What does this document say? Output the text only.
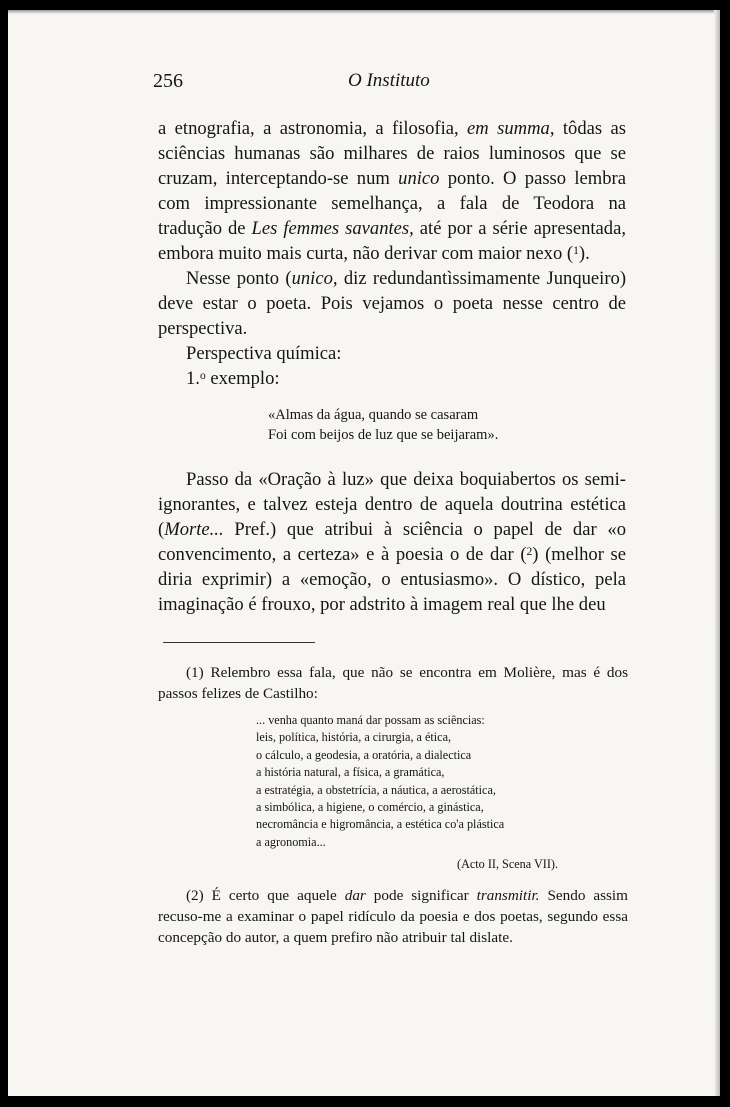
256	O Instituto

a etnografia, a astronomia, a filosofia, em summa, tôdas as sciências humanas são milhares de raios luminosos que se cruzam, interceptando-se num unico ponto. O passo lembra com impressionante semelhança, a fala de Teodora na tradução de Les femmes savantes, até por a série apresentada, embora muito mais curta, não derivar com maior nexo ($^1$).

Nesse ponto (unico, diz redundantìssimamente Junqueiro) deve estar o poeta. Pois vejamos o poeta nesse centro de perspectiva.

Perspectiva química:

1.$^o$ exemplo:

«Almas da água, quando se casaram
Foi com beijos de luz que se beijaram».

Passo da «Oração à luz» que deixa boquiabertos os semi-ignorantes, e talvez esteja dentro de aquela doutrina estética (Morte... Pref.) que atribui à sciência o papel de dar «o convencimento, a certeza» e à poesia o de dar ($^2$) (melhor se diria exprimir) a «emoção, o entusiasmo». O dístico, pela imaginação é frouxo, por adstrito à imagem real que lhe deu

(1) Relembro essa fala, que não se encontra em Molière, mas é dos passos felizes de Castilho:

... venha quanto maná dar possam as sciências:
leis, política, história, a cirurgia, a ética,
o cálculo, a geodesia, a oratória, a dialectica
a história natural, a física, a gramática,
a estratégia, a obstetrícia, a náutica, a aerostática,
a simbólica, a higiene, o comércio, a ginástica,
necromância e higromância, a estética co'a plástica
a agronomia...
(Acto II, Scena VII).

(2) É certo que aquele dar pode significar transmitir. Sendo assim recuso-me a examinar o papel ridículo da poesia e dos poetas, segundo essa concepção do autor, a quem prefiro não atribuir tal dislate.
